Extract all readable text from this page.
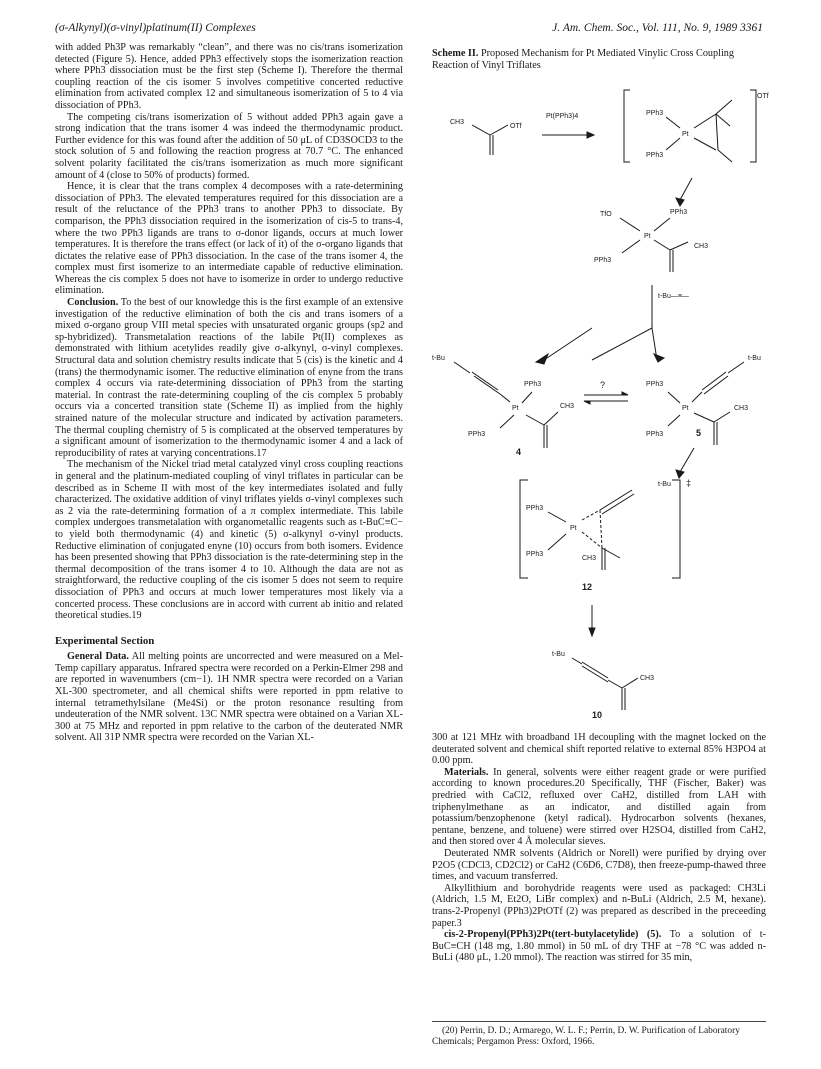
(σ-Alkynyl)(σ-vinyl)platinum(II) Complexes	J. Am. Chem. Soc., Vol. 111, No. 9, 1989 3361

with added Ph3P was remarkably “clean”, and there was no cis/trans isomerization detected (Figure 5). Hence, added PPh3 effectively stops the isomerization reaction where PPh3 dissociation must be the first step (Scheme I). Therefore the thermal coupling reaction of the cis isomer 5 involves competitive concerted reductive elimination from activated complex 12 and simultaneous isomerization of 5 to 4 via dissociation of PPh3.

The competing cis/trans isomerization of 5 without added PPh3 again gave a strong indication that the trans isomer 4 was indeed the thermodynamic product. Further evidence for this was found after the addition of 50 μL of CD3SOCD3 to the stock solution of 5 and following the reaction progress at 70.7 °C. The enhanced solvent polarity facilitated the cis/trans isomerization as much more significant amount of 4 (close to 50% of products) formed.

Hence, it is clear that the trans complex 4 decomposes with a rate-determining dissociation of PPh3. The elevated temperatures required for this dissociation are a result of the reluctance of the PPh3 trans to another PPh3 to dissociate. By comparison, the PPh3 dissociation required in the isomerization of cis-5 to trans-4, where the two PPh3 ligands are trans to σ-donor ligands, occurs at much lower temperatures. It is therefore the trans effect (or lack of it) of the σ-organo ligands that dictates the relative ease of PPh3 dissociation. In the case of the trans isomer 4, the complex must first isomerize to an intermediate capable of reductive elimination. Whereas the cis complex 5 does not have to isomerize in order to undergo reductive elimination.

Conclusion. To the best of our knowledge this is the first example of an extensive investigation of the reductive elimination of both the cis and trans isomers of a mixed σ-organo group VIII metal species with unsaturated organic groups (sp2 and sp-hybridized). Transmetalation reactions of the labile Pt(II) complexes as demonstrated with lithium acetylides readily give σ-alkynyl, σ-vinyl complexes. Structural data and solution chemistry results indicate that 5 (cis) is the kinetic and 4 (trans) the thermodynamic isomer. The reductive elimination of enyne from the trans complex 4 occurs via rate-determining dissociation of PPh3 from the starting material. In contrast the rate-determining coupling of the cis complex 5 probably occurs via a concerted transition state (Scheme II) as implied from the highly strained nature of the molecular structure and indicated by activation parameters. The thermal coupling chemistry of 5 is complicated at the observed temperatures by a significant amount of isomerization to the thermodynamic isomer 4 and a lack of reproducibility of rates at varying concentrations.17

The mechanism of the Nickel triad metal catalyzed vinyl cross coupling reactions in general and the platinum-mediated coupling of vinyl triflates in particular can be described as in Scheme II with most of the key intermediates isolated and fully characterized. The oxidative addition of vinyl triflates yields σ-vinyl complexes such as 2 via the rate-determining formation of a π complex intermediate. This labile complex undergoes transmetalation with organometallic reagents such as t-BuC≡C− to yield both thermodynamic (4) and kinetic (5) σ-alkynyl σ-vinyl products. Reductive elimination of conjugated enyne (10) occurs from both isomers. Evidence has been presented showing that PPh3 dissociation is the rate-determining step in the thermal decomposition of the trans isomer 4 to 10. Although the data are not as straightforward, the reductive coupling of the cis isomer 5 does not seem to require dissociation of PPh3 and occurs at much lower temperatures most likely via a concerted process. These conclusions are in accord with current ab initio and related theoretical studies.19

Experimental Section

General Data. All melting points are uncorrected and were measured on a Mel-Temp capillary apparatus. Infrared spectra were recorded on a Perkin-Elmer 298 and are reported in wavenumbers (cm−1). 1H NMR spectra were recorded on a Varian XL-300 spectrometer, and all chemical shifts were reported in ppm relative to internal tetramethylsilane (Me4Si) or the proton resonance resulting from undeuteration of the NMR solvent. 13C NMR spectra were obtained on a Varian XL-300 at 75 MHz and reported in ppm relative to the carbon of the deuterated NMR solvent. All 31P NMR spectra were recorded on the Varian XL-

Scheme II. Proposed Mechanism for Pt Mediated Vinylic Cross Coupling Reaction of Vinyl Triflates
CH3
OTf
Pt(PPh3)4
OTf
PPh3
PPh3
Pt
TfO	PPh3
Pt
PPh3
CH3
t-Bu—≡—
t-Bu
Pt
PPh3
PPh3
CH3
4
?
t-Bu
Pt
PPh3
PPh3
CH3
5
‡
t-Bu
PPh3
PPh3
Pt
CH3
12
t-Bu
CH3
10

300 at 121 MHz with broadband 1H decoupling with the magnet locked on the deuterated solvent and chemical shift reported relative to external 85% H3PO4 at 0.00 ppm.

Materials. In general, solvents were either reagent grade or were purified according to known procedures.20 Specifically, THF (Fischer, Baker) was predried with CaCl2, refluxed over CaH2, distilled from LAH with triphenylmethane as an indicator, and distilled again from potassium/benzophenone (ketyl radical). Hydrocarbon solvents (hexanes, pentane, benzene, and toluene) were stirred over H2SO4, distilled from CaH2, and then stored over 4 Å molecular sieves.

Deuterated NMR solvents (Aldrich or Norell) were purified by drying over P2O5 (CDCl3, CD2Cl2) or CaH2 (C6D6, C7D8), then freeze-pump-thawed three times, and vacuum transferred.

Alkyllithium and borohydride reagents were used as packaged: CH3Li (Aldrich, 1.5 M, Et2O, LiBr complex) and n-BuLi (Aldrich, 2.5 M, hexane). trans-2-Propenyl (PPh3)2PtOTf (2) was prepared as described in the preceeding paper.3

cis-2-Propenyl(PPh3)2Pt(tert-butylacetylide) (5). To a solution of t-BuC≡CH (148 mg, 1.80 mmol) in 50 mL of dry THF at −78 °C was added n-BuLi (480 μL, 1.20 mmol). The reaction was stirred for 35 min,

(20) Perrin, D. D.; Armarego, W. L. F.; Perrin, D. W. Purification of Laboratory Chemicals; Pergamon Press: Oxford, 1966.
